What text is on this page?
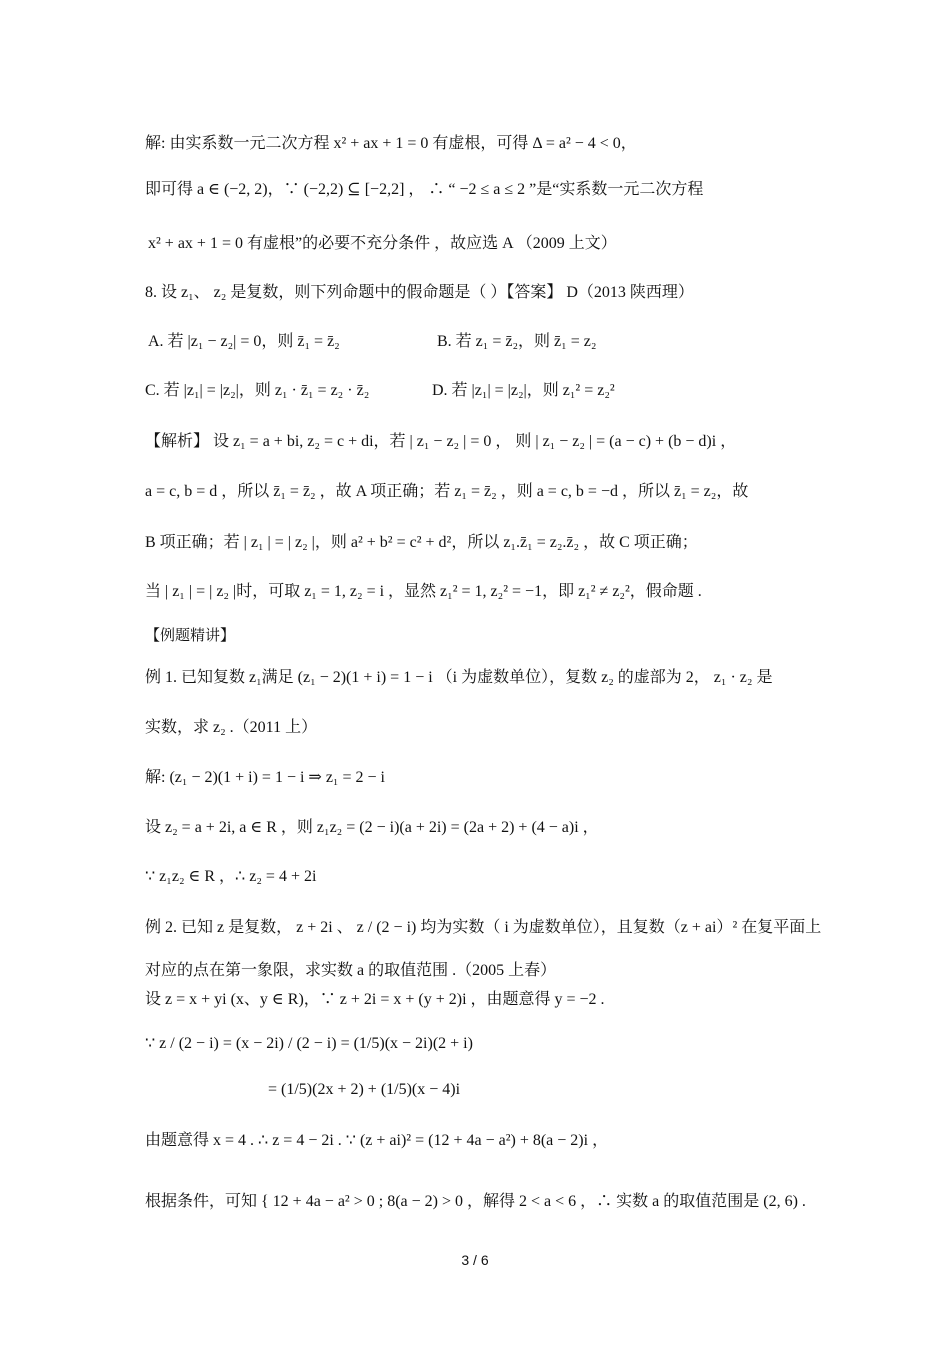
解: 由实系数一元二次方程 x² + ax + 1 = 0 有虚根，可得 Δ = a² − 4 < 0，
即可得 a ∈ (−2, 2)，∵ (−2,2) ⊆ [−2,2] ， ∴ “ −2 ≤ a ≤ 2 ”是“实系数一元二次方程
x² + ax + 1 = 0 有虚根”的必要不充分条件 ，故应选 A （2009 上文）
8. 设 z₁、 z₂ 是复数，则下列命题中的假命题是（ ）【答案】 D（2013 陕西理）
A. 若 |z₁ − z₂| = 0，则 z̄₁ = z̄₂	B. 若 z₁ = z̄₂，则 z̄₁ = z₂
C. 若 |z₁| = |z₂|，则 z₁ · z̄₁ = z₂ · z̄₂	D. 若 |z₁| = |z₂|，则 z₁² = z₂²
【解析】 设 z₁ = a + bi, z₂ = c + di，若 | z₁ − z₂ | = 0 ， 则 | z₁ − z₂ | = (a − c) + (b − d)i ，
a = c, b = d ，所以 z̄₁ = z̄₂ ，故 A 项正确；若 z₁ = z̄₂ ，则 a = c, b = −d ，所以 z̄₁ = z₂，故
B 项正确；若 | z₁ | = | z₂ |，则 a² + b² = c² + d²，所以 z₁.z̄₁ = z₂.z̄₂ ，故 C 项正确；
当 | z₁ | = | z₂ |时，可取 z₁ = 1, z₂ = i ，显然 z₁² = 1, z₂² = −1，即 z₁² ≠ z₂²，假命题 .
【例题精讲】
例 1. 已知复数 z₁满足 (z₁ − 2)(1 + i) = 1 − i （i 为虚数单位），复数 z₂ 的虚部为 2， z₁ · z₂ 是
实数，求 z₂ .（2011 上）
解: (z₁ − 2)(1 + i) = 1 − i ⇒ z₁ = 2 − i
设 z₂ = a + 2i, a ∈ R ，则 z₁z₂ = (2 − i)(a + 2i) = (2a + 2) + (4 − a)i ，
∵ z₁z₂ ∈ R ，∴ z₂ = 4 + 2i
例 2. 已知 z 是复数， z + 2i 、 z / (2 − i) 均为实数（ i 为虚数单位），且复数（z + ai）² 在复平面上
对应的点在第一象限，求实数 a 的取值范围 .（2005 上春）
设 z = x + yi (x、y ∈ R)，∵ z + 2i = x + (y + 2)i ，由题意得 y = −2 .
∵ z / (2 − i) = (x − 2i) / (2 − i) = (1/5)(x − 2i)(2 + i)
= (1/5)(2x + 2) + (1/5)(x − 4)i
由题意得 x = 4 . ∴ z = 4 − 2i . ∵ (z + ai)² = (12 + 4a − a²) + 8(a − 2)i ，
根据条件，可知 { 12 + 4a − a² > 0 ; 8(a − 2) > 0 ，解得 2 < a < 6 ，∴ 实数 a 的取值范围是 (2, 6) .
3 / 6
